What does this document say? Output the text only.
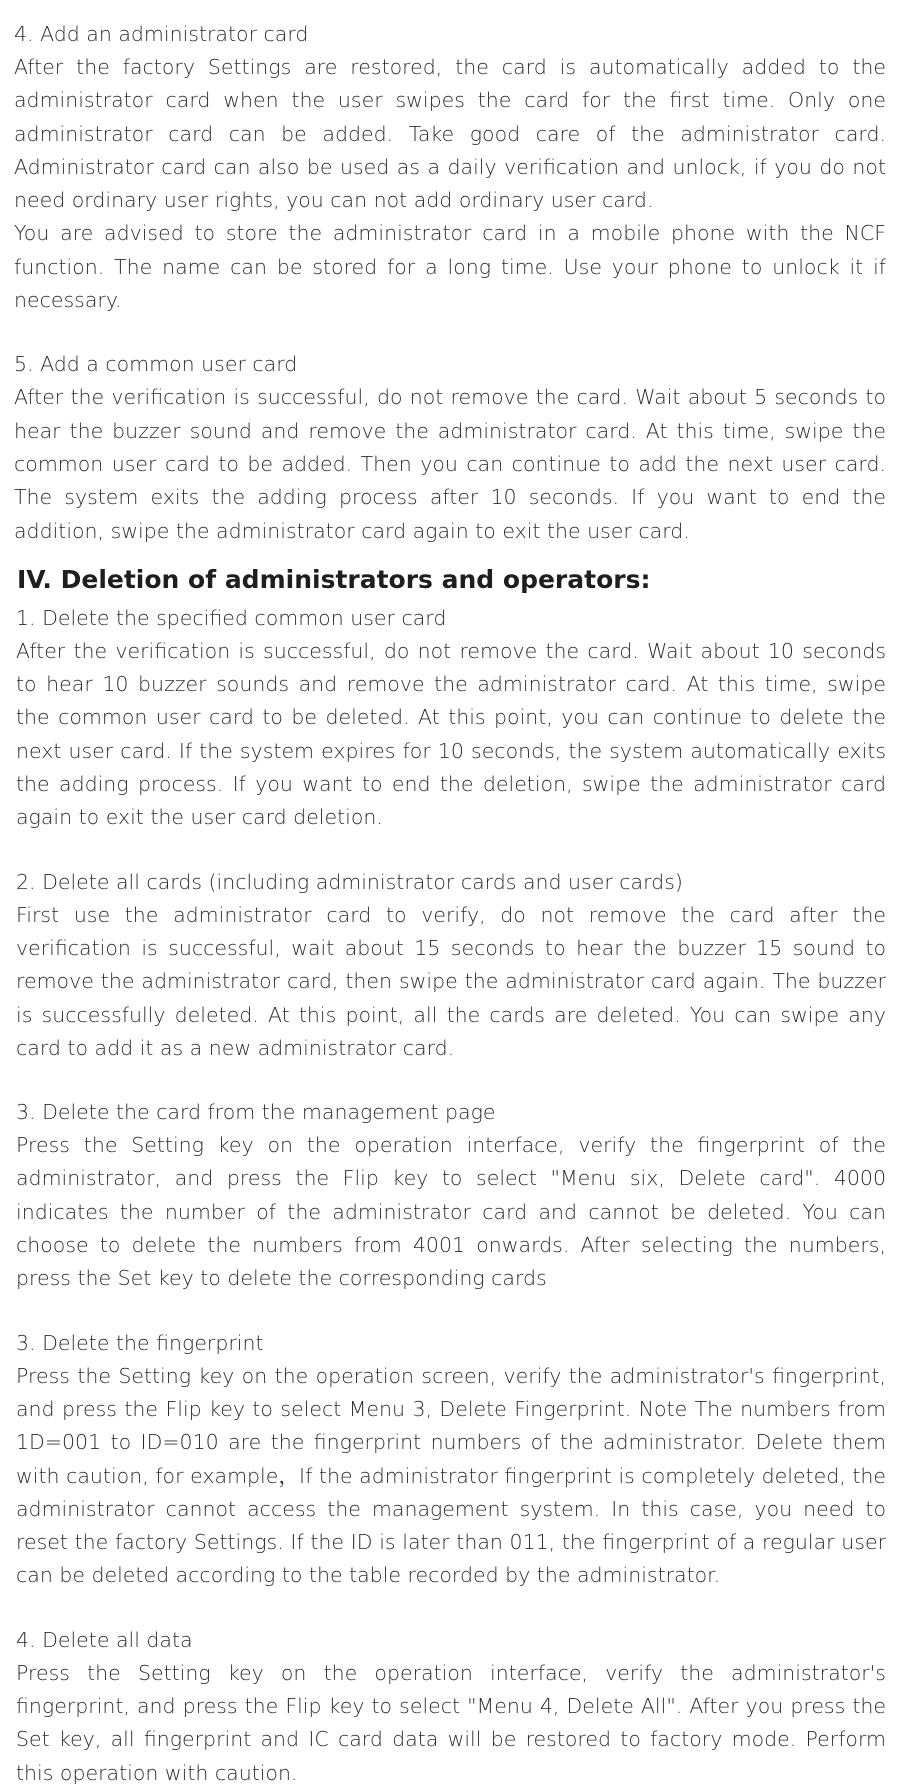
4. Add an administrator card

After the factory Settings are restored, the card is automatically added to the administrator card when the user swipes the card for the first time. Only one administrator card can be added. Take good care of the administrator card. Administrator card can also be used as a daily verification and unlock, if you do not need ordinary user rights, you can not add ordinary user card.

You are advised to store the administrator card in a mobile phone with the NCF function. The name can be stored for a long time. Use your phone to unlock it if necessary.

5. Add a common user card

After the verification is successful, do not remove the card. Wait about 5 seconds to hear the buzzer sound and remove the administrator card. At this time, swipe the common user card to be added. Then you can continue to add the next user card. The system exits the adding process after 10 seconds. If you want to end the addition, swipe the administrator card again to exit the user card.

IV. Deletion of administrators and operators:

1. Delete the specified common user card

After the verification is successful, do not remove the card. Wait about 10 seconds to hear 10 buzzer sounds and remove the administrator card. At this time, swipe the common user card to be deleted. At this point, you can continue to delete the next user card. If the system expires for 10 seconds, the system automatically exits the adding process. If you want to end the deletion, swipe the administrator card again to exit the user card deletion.

2. Delete all cards (including administrator cards and user cards)

First use the administrator card to verify, do not remove the card after the verification is successful, wait about 15 seconds to hear the buzzer 15 sound to remove the administrator card, then swipe the administrator card again. The buzzer is successfully deleted. At this point, all the cards are deleted. You can swipe any card to add it as a new administrator card.

3. Delete the card from the management page

Press the Setting key on the operation interface, verify the fingerprint of the administrator, and press the Flip key to select "Menu six, Delete card". 4000 indicates the number of the administrator card and cannot be deleted. You can choose to delete the numbers from 4001 onwards. After selecting the numbers, press the Set key to delete the corresponding cards

3. Delete the fingerprint

Press the Setting key on the operation screen, verify the administrator's fingerprint, and press the Flip key to select Menu 3, Delete Fingerprint. Note The numbers from 1D=001 to ID=010 are the fingerprint numbers of the administrator. Delete them with caution, for example，If the administrator fingerprint is completely deleted, the administrator cannot access the management system. In this case, you need to reset the factory Settings. If the ID is later than 011, the fingerprint of a regular user can be deleted according to the table recorded by the administrator.

4. Delete all data

Press the Setting key on the operation interface, verify the administrator's fingerprint, and press the Flip key to select "Menu 4, Delete All". After you press the Set key, all fingerprint and IC card data will be restored to factory mode. Perform this operation with caution.
